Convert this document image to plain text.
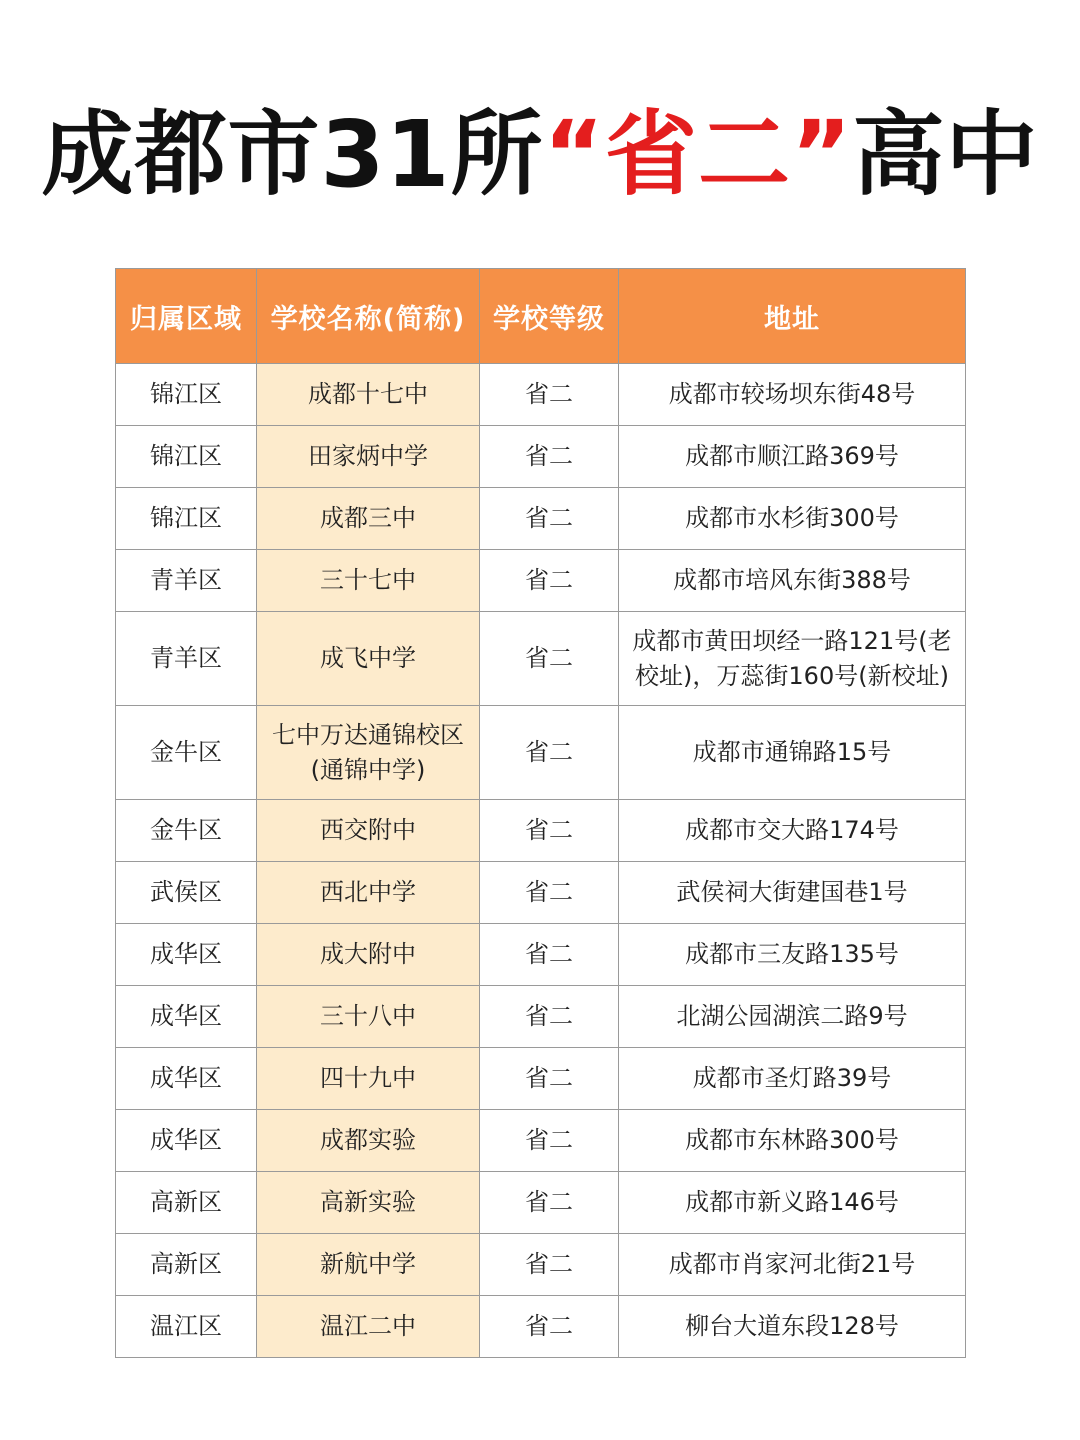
成都市31所“省二”高中
归属区域	学校名称(简称)	学校等级	地址
锦江区	成都十七中	省二	成都市较场坝东街48号
锦江区	田家炳中学	省二	成都市顺江路369号
锦江区	成都三中	省二	成都市水杉街300号
青羊区	三十七中	省二	成都市培风东街388号
青羊区	成飞中学	省二	成都市黄田坝经一路121号(老校址)，万蕊街160号(新校址)
金牛区	七中万达通锦校区(通锦中学)	省二	成都市通锦路15号
金牛区	西交附中	省二	成都市交大路174号
武侯区	西北中学	省二	武侯祠大街建国巷1号
成华区	成大附中	省二	成都市三友路135号
成华区	三十八中	省二	北湖公园湖滨二路9号
成华区	四十九中	省二	成都市圣灯路39号
成华区	成都实验	省二	成都市东林路300号
高新区	高新实验	省二	成都市新义路146号
高新区	新航中学	省二	成都市肖家河北街21号
温江区	温江二中	省二	柳台大道东段128号
